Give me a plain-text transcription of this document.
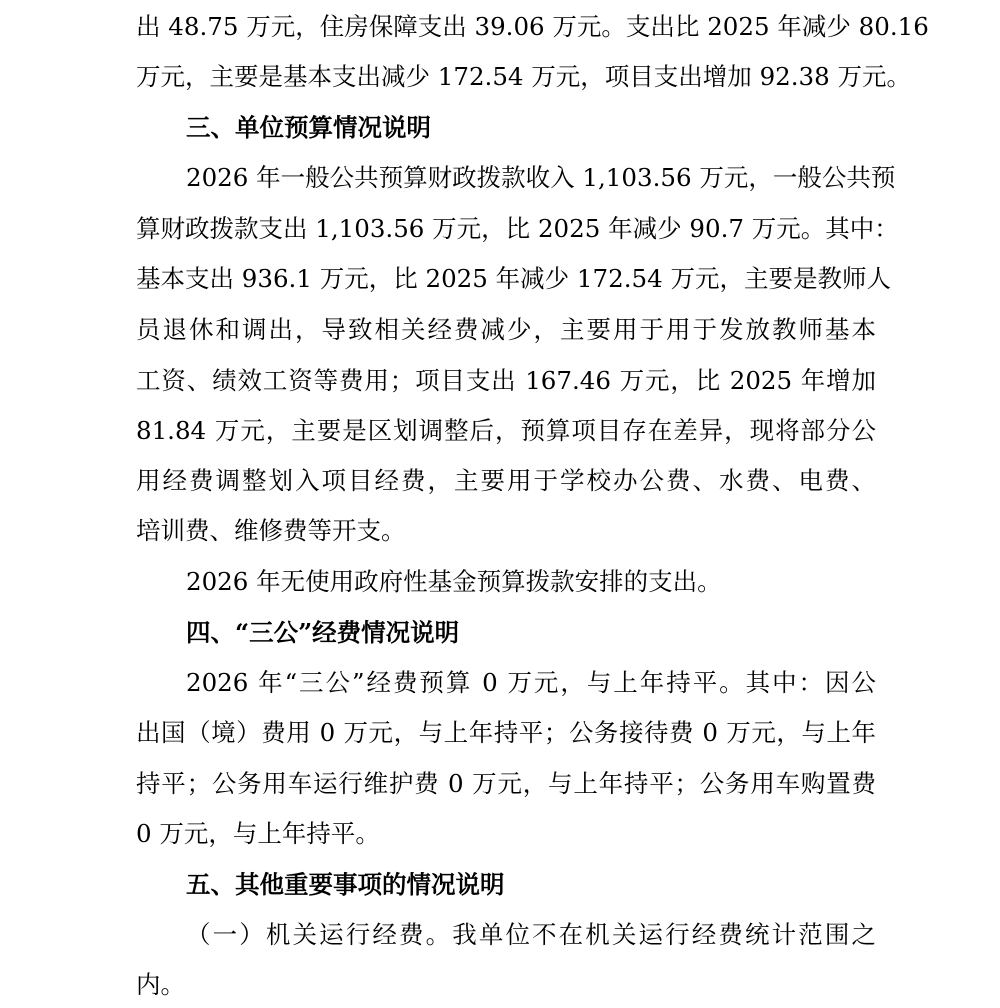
出 48.75 万元，住房保障支出 39.06 万元。支出比 2025 年减少 80.16
万元，主要是基本支出减少 172.54 万元，项目支出增加 92.38 万元。
三、单位预算情况说明
2026 年一般公共预算财政拨款收入 1,103.56 万元，一般公共预
算财政拨款支出 1,103.56 万元，比 2025 年减少 90.7 万元。其中：
基本支出 936.1 万元，比 2025 年减少 172.54 万元，主要是教师人
员退休和调出，导致相关经费减少，主要用于用于发放教师基本
工资、绩效工资等费用；项目支出 167.46 万元，比 2025 年增加
81.84 万元，主要是区划调整后，预算项目存在差异，现将部分公
用经费调整划入项目经费，主要用于学校办公费、水费、电费、
培训费、维修费等开支。
2026 年无使用政府性基金预算拨款安排的支出。
四、“三公”经费情况说明
2026 年“三公”经费预算 0 万元，与上年持平。其中：因公
出国（境）费用 0 万元，与上年持平；公务接待费 0 万元，与上年
持平；公务用车运行维护费 0 万元，与上年持平；公务用车购置费
0 万元，与上年持平。
五、其他重要事项的情况说明
（一）机关运行经费。我单位不在机关运行经费统计范围之
内。
